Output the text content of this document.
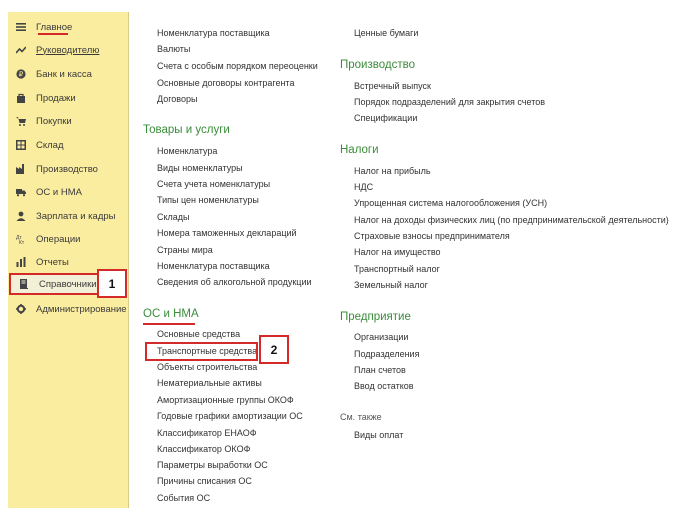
Главное
Руководителю
₽ Банк и касса
Продажи
Покупки
Склад
Производство
ОС и НМА
Зарплата и кадры
Дт
Кт Операции
Отчеты
Справочники
Администрирование
1
Номенклатура поставщика
Валюты
Счета с особым порядком переоценки
Основные договоры контрагента
Договоры
Товары и услуги
Номенклатура
Виды номенклатуры
Счета учета номенклатуры
Типы цен номенклатуры
Склады
Номера таможенных деклараций
Страны мира
Номенклатура поставщика
Сведения об алкогольной продукции
ОС и НМА
Основные средства
Транспортные средства
Объекты строительства
Нематериальные активы
Амортизационные группы ОКОФ
Годовые графики амортизации ОС
Классификатор ЕНАОФ
Классификатор ОКОФ
Параметры выработки ОС
Причины списания ОС
События ОС
Ценные бумаги
Производство
Встречный выпуск
Порядок подразделений для закрытия счетов
Спецификации
Налоги
Налог на прибыль
НДС
Упрощенная система налогообложения (УСН)
Налог на доходы физических лиц (по предпринимательской деятельности)
Страховые взносы предпринимателя
Налог на имущество
Транспортный налог
Земельный налог
Предприятие
Организации
Подразделения
План счетов
Ввод остатков
См. также
Виды оплат
2
